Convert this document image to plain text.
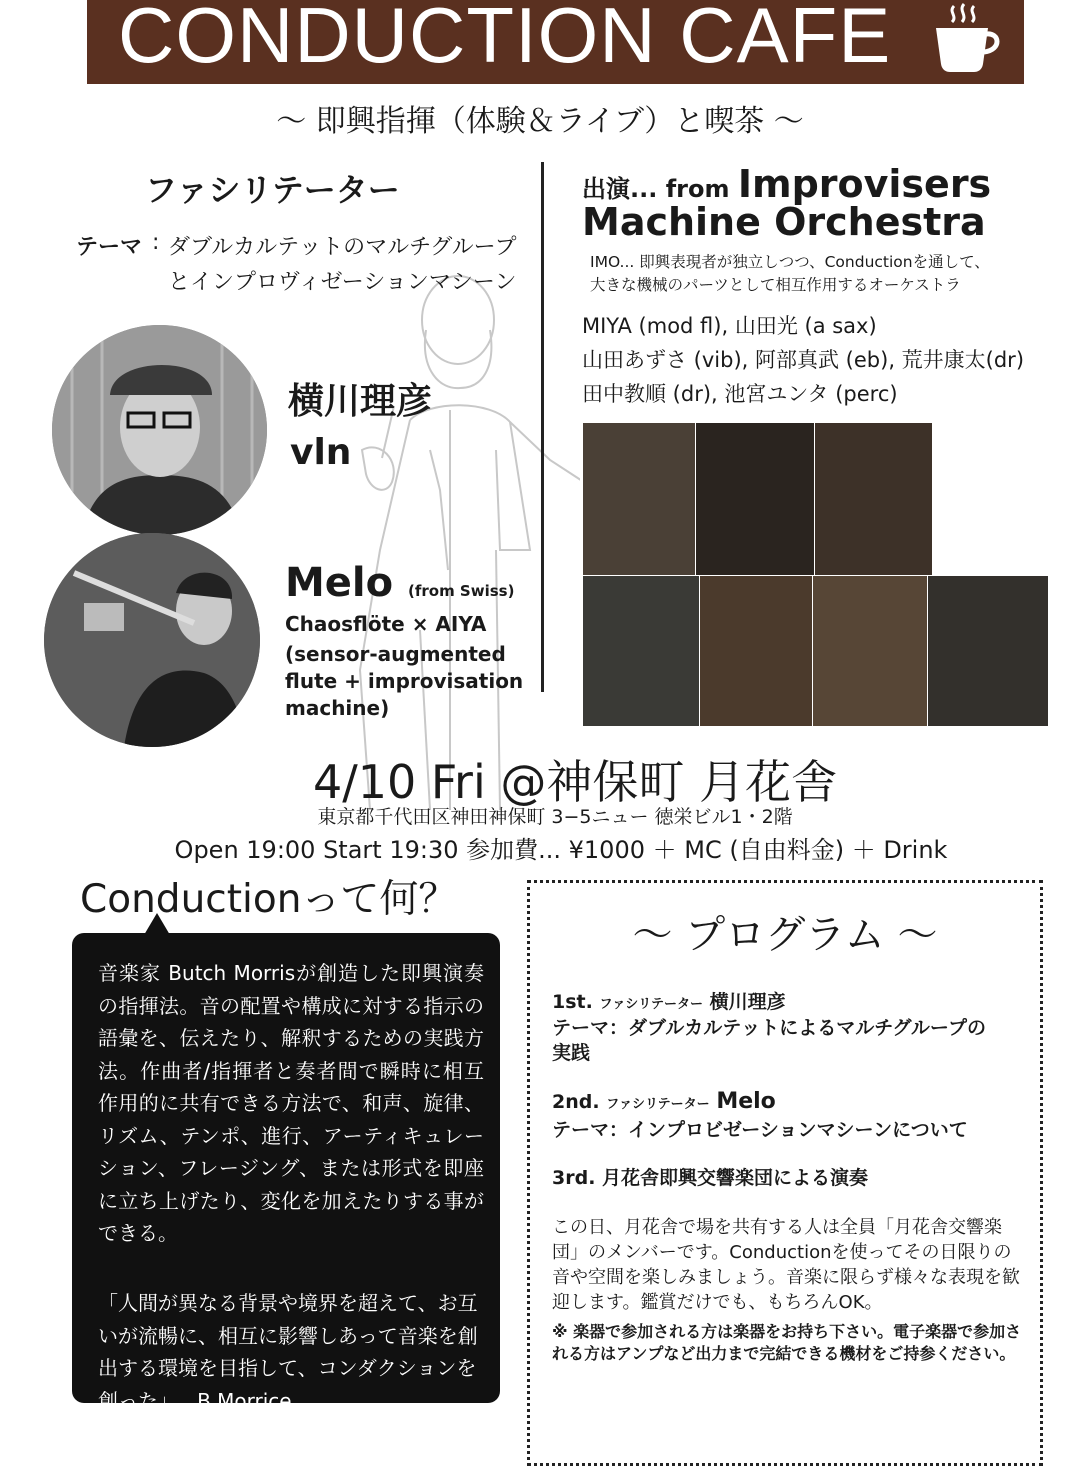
CONDUCTION CAFE
〜 即興指揮（体験＆ライブ）と喫茶 〜
ファシリテーター
テーマ : ダブルカルテットのマルチグループ
とインプロヴィゼーションマシーン
出演... from Improvisers
Machine Orchestra
IMO... 即興表現者が独立しつつ、Conductionを通して、
大きな機械のパーツとして相互作用するオーケストラ
MIYA (mod fl), 山田光 (a sax)
山田あずさ (vib), 阿部真武 (eb), 荒井康太(dr)
田中教順 (dr), 池宮ユンタ (perc)
横川理彦
vln
Melo (from Swiss)
Chaosflöte × AIYA
(sensor-augmented
flute + improvisation
machine)
4/10 Fri @神保町 月花舎
東京都千代田区神田神保町 3−5ニュー 徳栄ビル1・2階
Open 19:00 Start 19:30 参加費... ¥1000 ＋ MC (自由料金) ＋ Drink
Conductionって何？
音楽家 Butch Morrisが創造した即興演奏の指揮法。音の配置や構成に対する指示の語彙を、伝えたり、解釈するための実践方法。作曲者/指揮者と奏者間で瞬時に相互作用的に共有できる方法で、和声、旋律、リズム、テンポ、進行、アーティキュレーション、フレージング、または形式を即座に立ち上げたり、変化を加えたりする事ができる。
「人間が異なる背景や境界を超えて、お互いが流暢に、相互に影響しあって音楽を創出する環境を目指して、コンダクションを創った」...B.Morrice
〜 プログラム 〜
1st. ファシリテーター 横川理彦
テーマ：ダブルカルテットによるマルチグループの
実践
2nd. ファシリテーター Melo
テーマ：インプロビゼーションマシーンについて
3rd. 月花舎即興交響楽団による演奏
この日、月花舎で場を共有する人は全員「月花舎交響楽団」のメンバーです。Conductionを使ってその日限りの音や空間を楽しみましょう。音楽に限らず様々な表現を歓迎します。鑑賞だけでも、もちろんOK。
※ 楽器で参加される方は楽器をお持ち下さい。電子楽器で参加される方はアンプなど出力まで完結できる機材をご持参ください。
